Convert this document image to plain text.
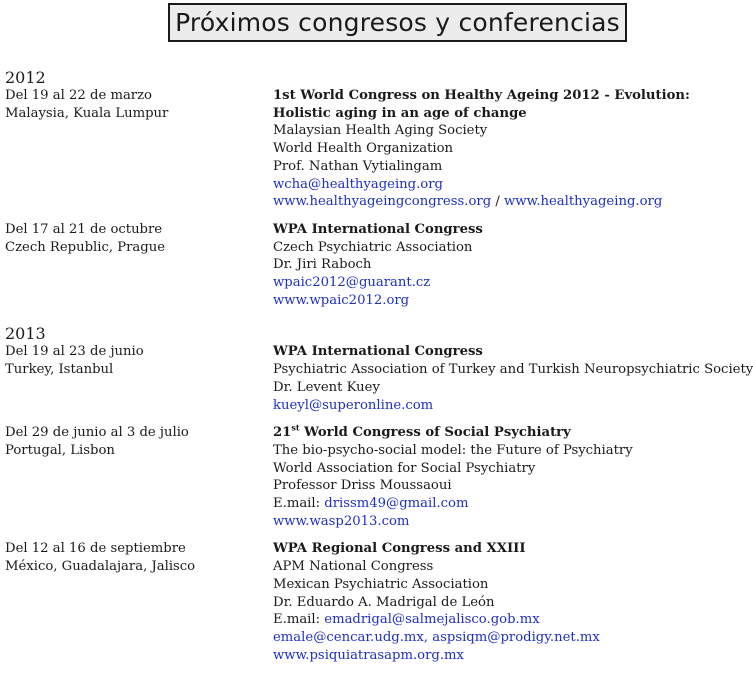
Próximos congresos y conferencias
2012
Del 19 al 22 de marzo
Malaysia, Kuala Lumpur
1st World Congress on Healthy Ageing 2012 - Evolution:
Holistic aging in an age of change
Malaysian Health Aging Society
World Health Organization
Prof. Nathan Vytialingam
wcha@healthyageing.org
www.healthyageingcongress.org / www.healthyageing.org
Del 17 al 21 de octubre
Czech Republic, Prague
WPA International Congress
Czech Psychiatric Association
Dr. Jiri Raboch
wpaic2012@guarant.cz
www.wpaic2012.org
2013
Del 19 al 23 de junio
Turkey, Istanbul
WPA International Congress
Psychiatric Association of Turkey and Turkish Neuropsychiatric Society
Dr. Levent Kuey
kueyl@superonline.com
Del 29 de junio al 3 de julio
Portugal, Lisbon
21st World Congress of Social Psychiatry
The bio-psycho-social model: the Future of Psychiatry
World Association for Social Psychiatry
Professor Driss Moussaoui
E.mail: drissm49@gmail.com
www.wasp2013.com
Del 12 al 16 de septiembre
México, Guadalajara, Jalisco
WPA Regional Congress and XXIII
APM National Congress
Mexican Psychiatric Association
Dr. Eduardo A. Madrigal de León
E.mail: emadrigal@salmejalisco.gob.mx
emale@cencar.udg.mx, aspsiqm@prodigy.net.mx
www.psiquiatrasapm.org.mx
